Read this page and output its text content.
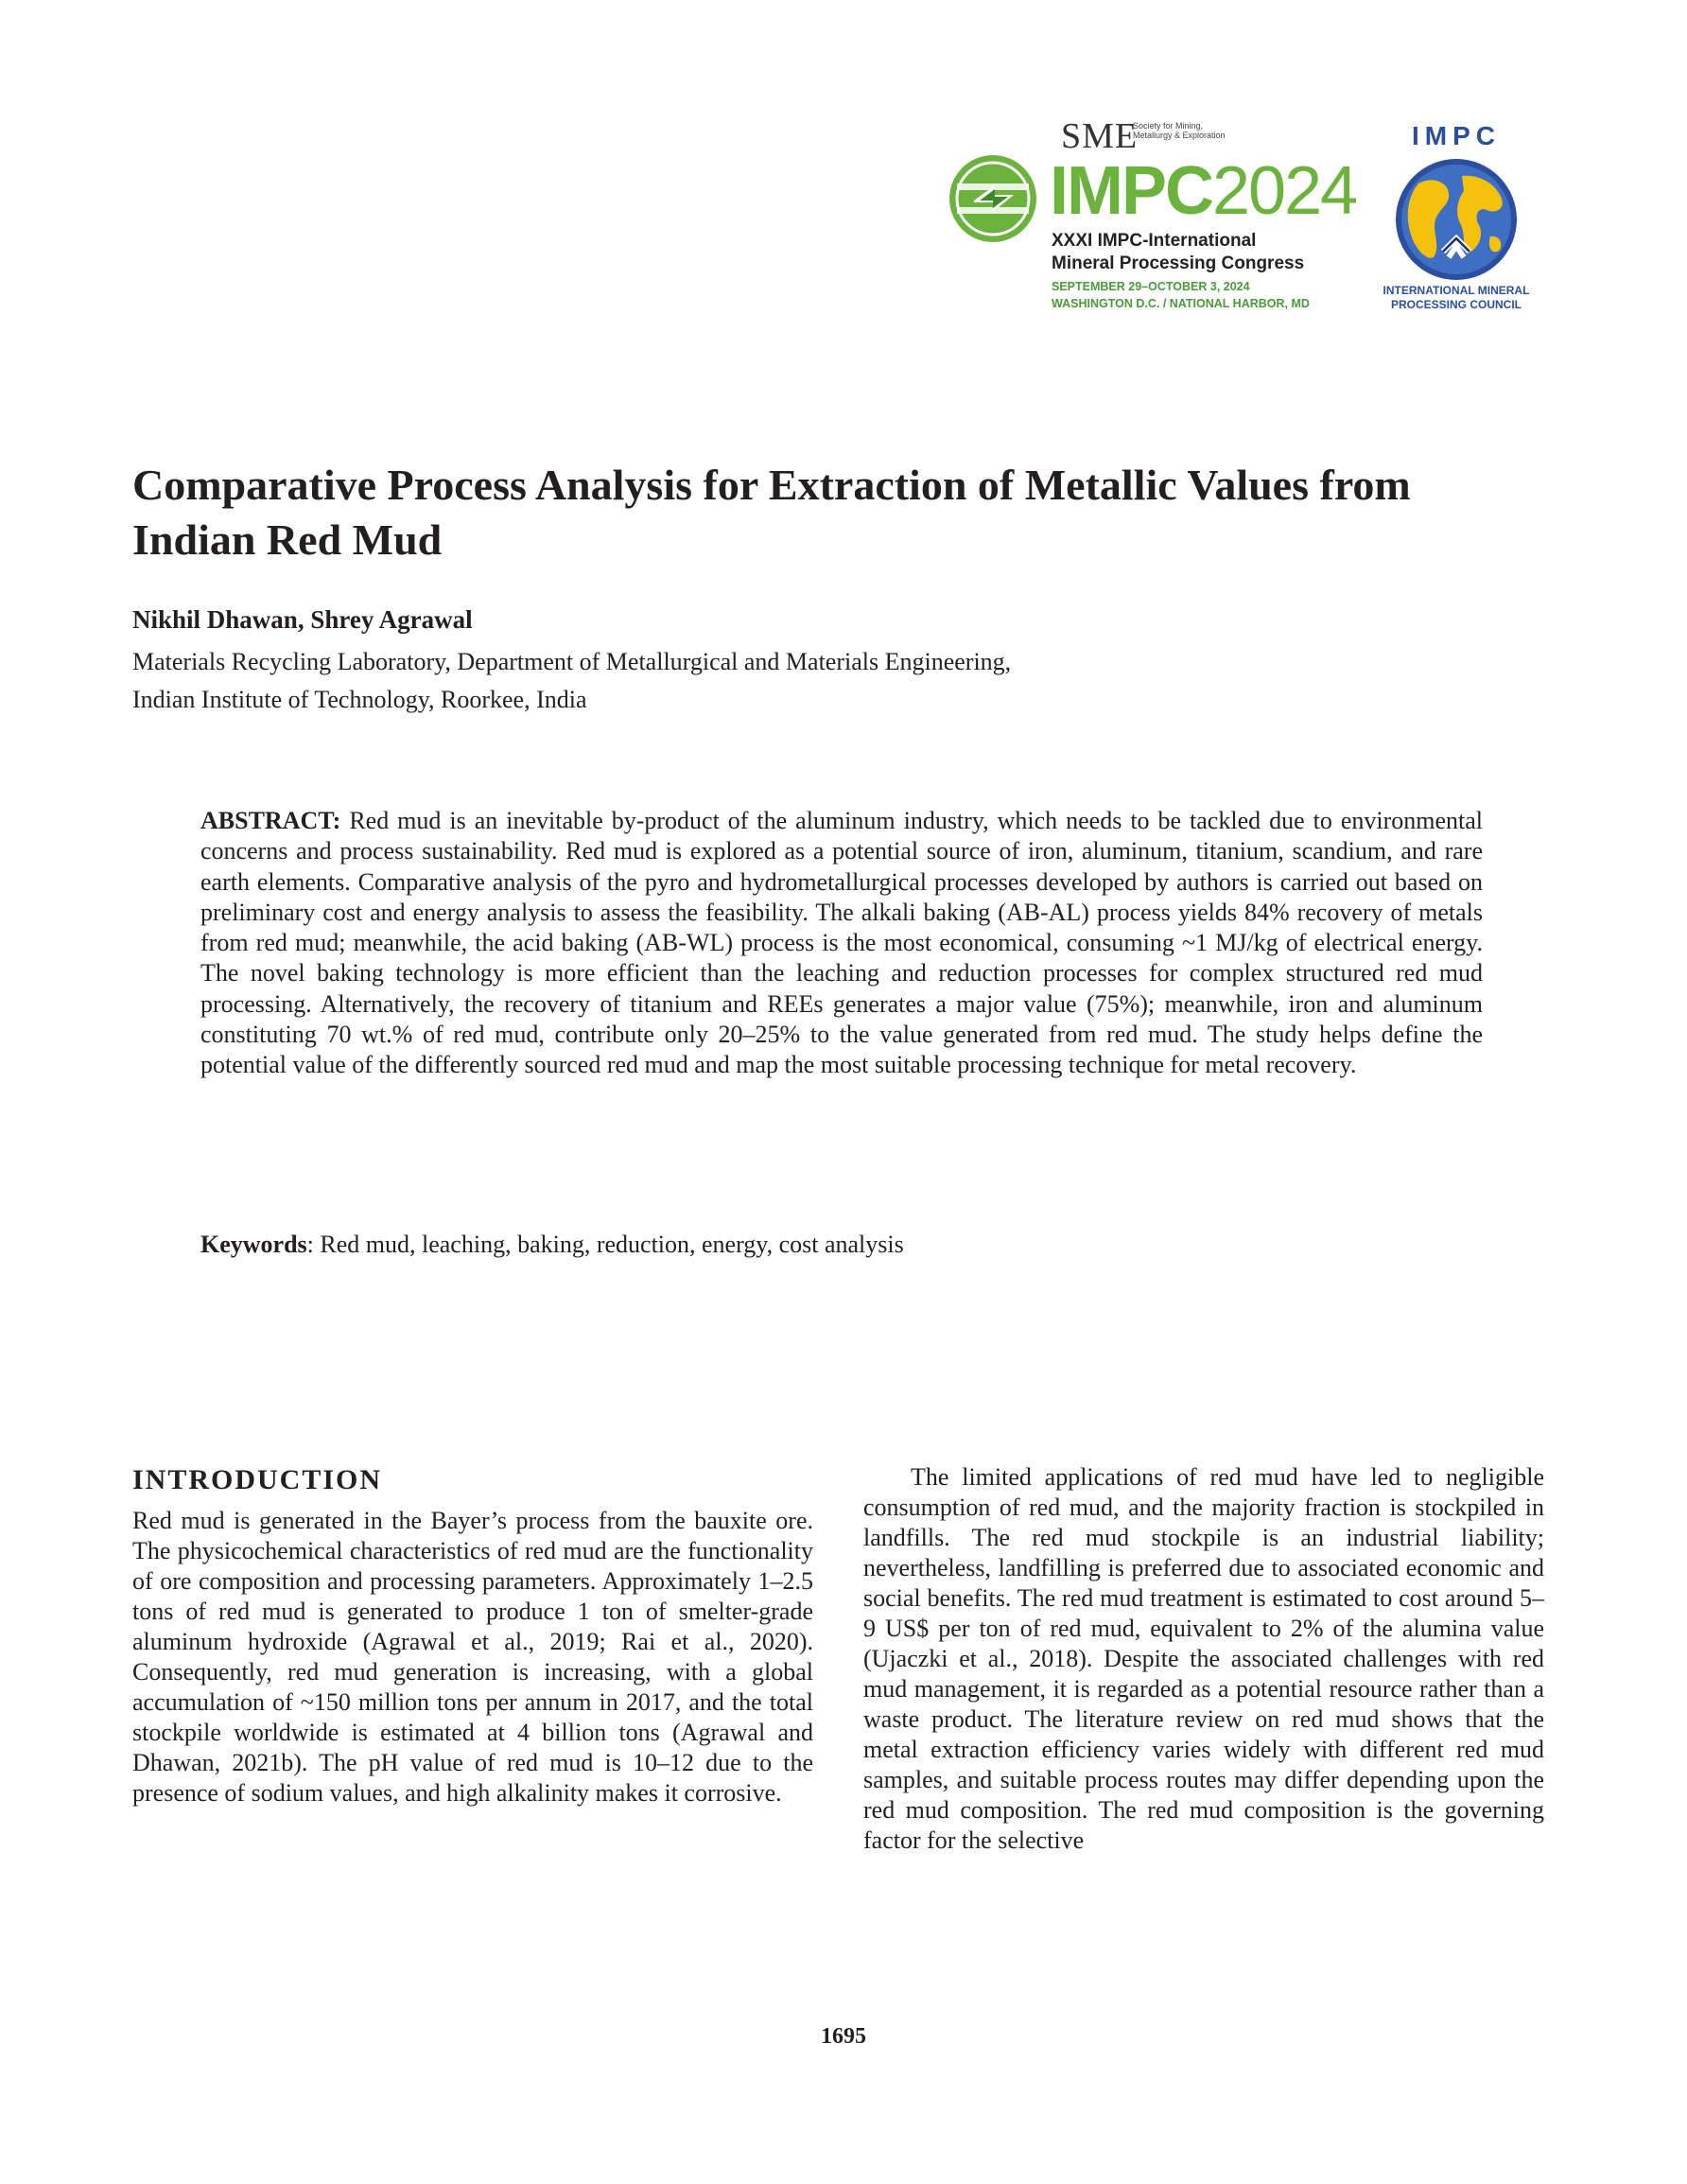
SME
Society for Mining, Metallurgy & Exploration
IMPC2024
XXXI IMPC-International
Mineral Processing Congress
SEPTEMBER 29–OCTOBER 3, 2024
WASHINGTON D.C. / NATIONAL HARBOR, MD
IMPC
INTERNATIONAL MINERAL
PROCESSING COUNCIL
Comparative Process Analysis for Extraction of Metallic Values from Indian Red Mud
Nikhil Dhawan, Shrey Agrawal
Materials Recycling Laboratory, Department of Metallurgical and Materials Engineering,
Indian Institute of Technology, Roorkee, India
ABSTRACT: Red mud is an inevitable by-product of the aluminum industry, which needs to be tackled due to environmental concerns and process sustainability. Red mud is explored as a potential source of iron, aluminum, titanium, scandium, and rare earth elements. Comparative analysis of the pyro and hydrometallurgical processes developed by authors is carried out based on preliminary cost and energy analysis to assess the feasibility. The alkali baking (AB-AL) process yields 84% recovery of metals from red mud; meanwhile, the acid baking (AB-WL) process is the most economical, consuming ~1 MJ/kg of electrical energy. The novel baking technology is more efficient than the leaching and reduction processes for complex structured red mud processing. Alternatively, the recovery of titanium and REEs generates a major value (75%); meanwhile, iron and aluminum constituting 70 wt.% of red mud, contribute only 20–25% to the value generated from red mud. The study helps define the potential value of the differently sourced red mud and map the most suitable processing technique for metal recovery.
Keywords: Red mud, leaching, baking, reduction, energy, cost analysis
INTRODUCTION
Red mud is generated in the Bayer’s process from the bauxite ore. The physicochemical characteristics of red mud are the functionality of ore composition and processing parameters. Approximately 1–2.5 tons of red mud is generated to produce 1 ton of smelter-grade aluminum hydroxide (Agrawal et al., 2019; Rai et al., 2020). Consequently, red mud generation is increasing, with a global accumulation of ~150 million tons per annum in 2017, and the total stockpile worldwide is estimated at 4 billion tons (Agrawal and Dhawan, 2021b). The pH value of red mud is 10–12 due to the presence of sodium values, and high alkalinity makes it corrosive.
The limited applications of red mud have led to negligible consumption of red mud, and the majority fraction is stockpiled in landfills. The red mud stockpile is an industrial liability; nevertheless, landfilling is preferred due to associated economic and social benefits. The red mud treatment is estimated to cost around 5–9 US$ per ton of red mud, equivalent to 2% of the alumina value (Ujaczki et al., 2018). Despite the associated challenges with red mud management, it is regarded as a potential resource rather than a waste product. The literature review on red mud shows that the metal extraction efficiency varies widely with different red mud samples, and suitable process routes may differ depending upon the red mud composition. The red mud composition is the governing factor for the selective
1695
